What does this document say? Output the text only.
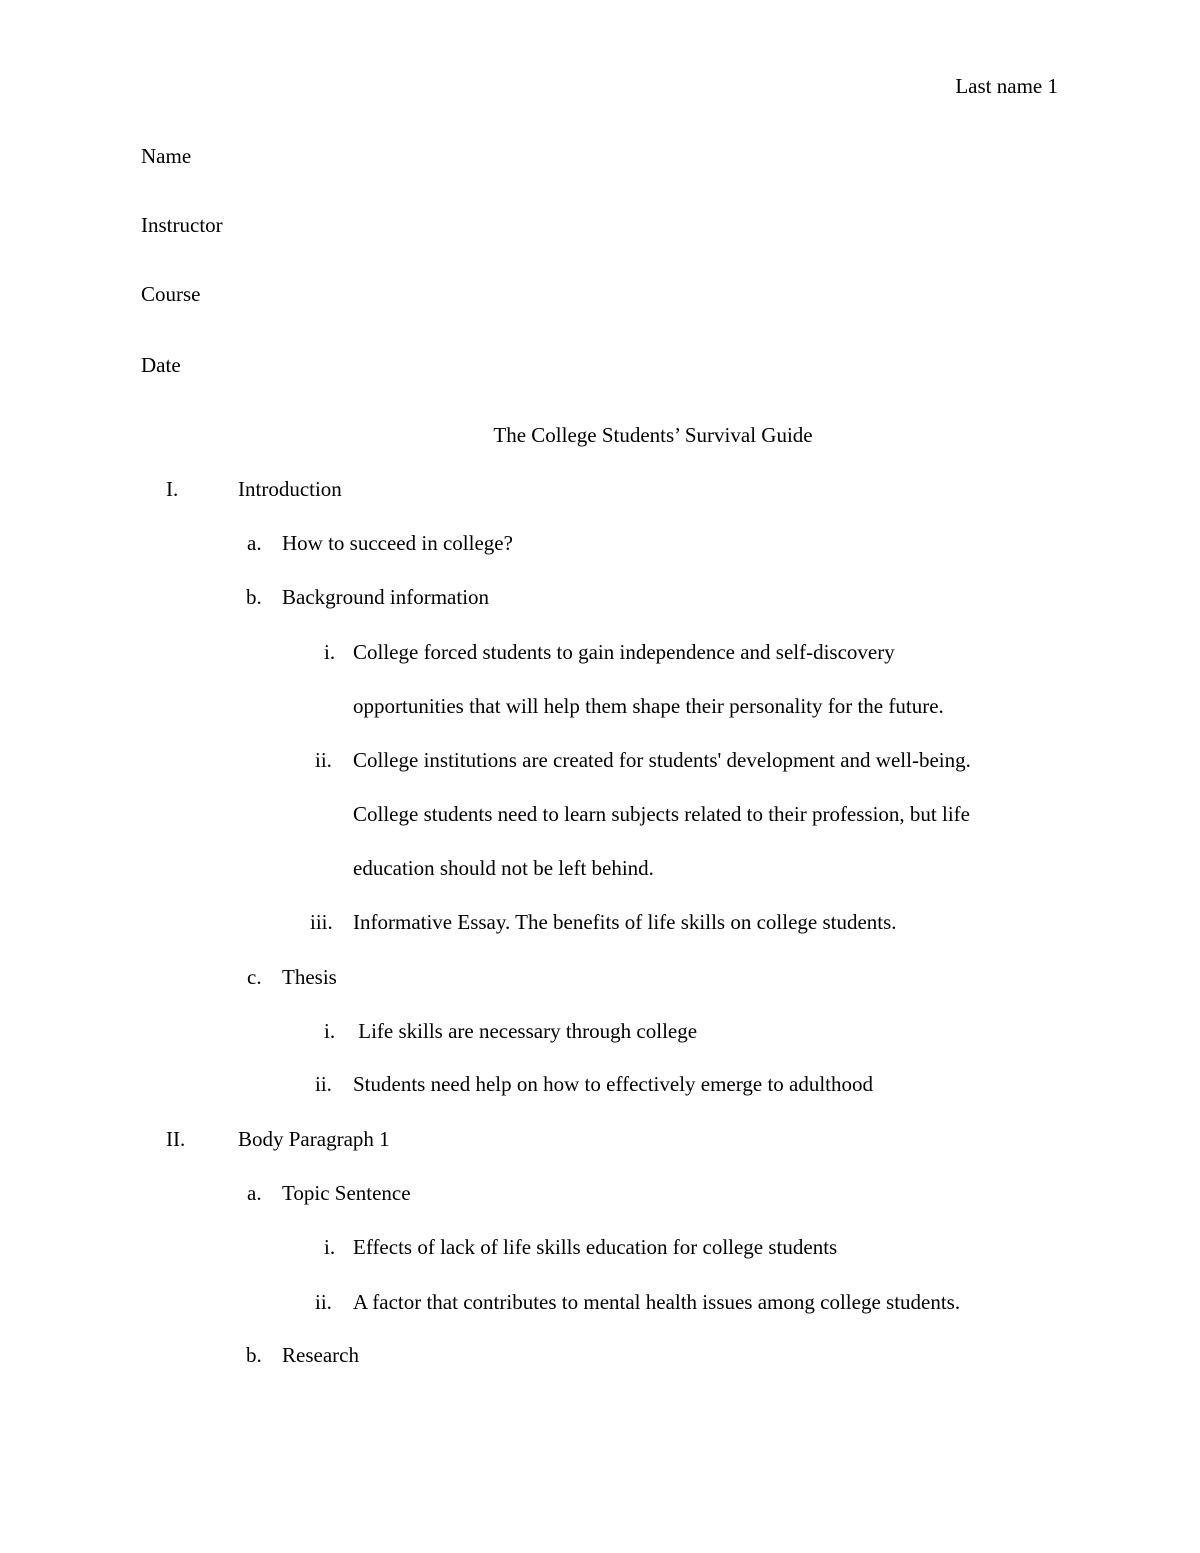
Last name 1
Name
Instructor
Course
Date
The College Students’ Survival Guide
I.	Introduction
a. How to succeed in college?
b. Background information
i. College forced students to gain independence and self-discovery
opportunities that will help them shape their personality for the future.
ii. College institutions are created for students' development and well-being.
College students need to learn subjects related to their profession, but life
education should not be left behind.
iii. Informative Essay. The benefits of life skills on college students.
c. Thesis
i. Life skills are necessary through college
ii. Students need help on how to effectively emerge to adulthood
II.	Body Paragraph 1
a. Topic Sentence
i. Effects of lack of life skills education for college students
ii. A factor that contributes to mental health issues among college students.
b. Research
